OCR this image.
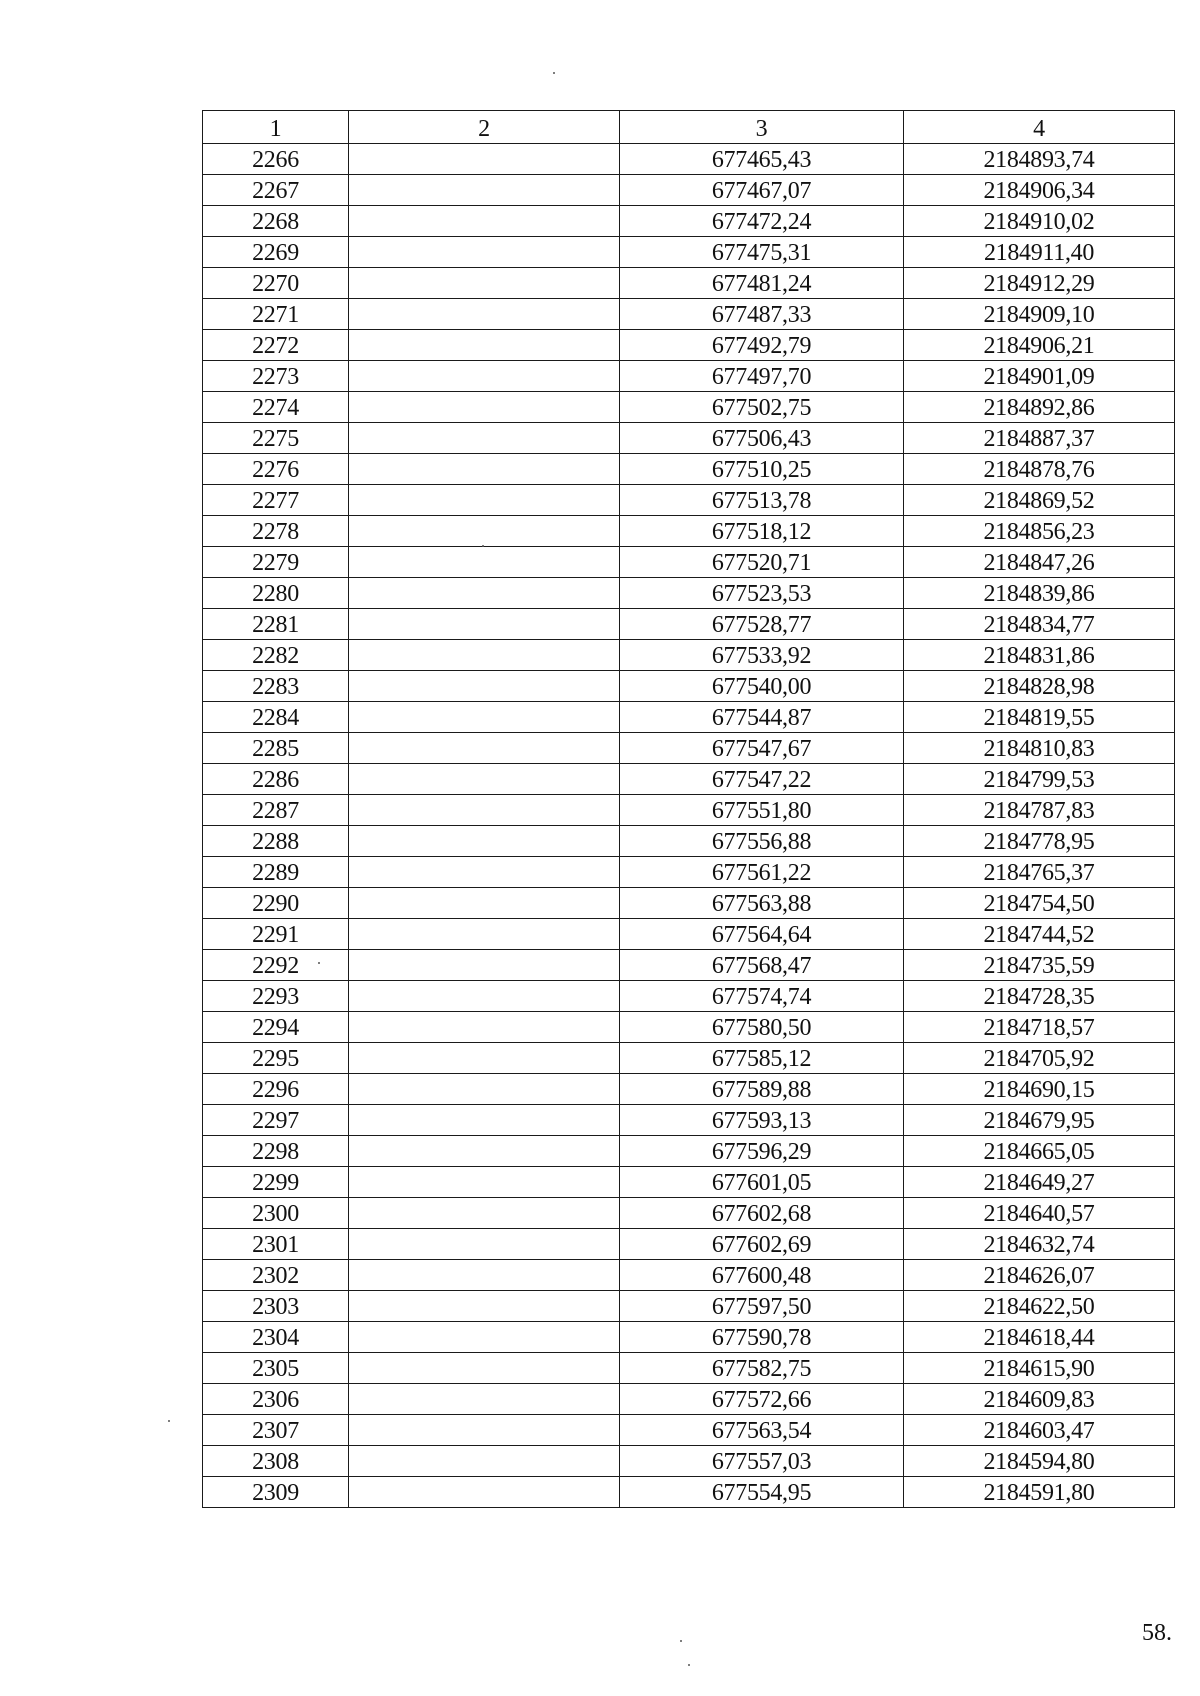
1	2	3	4
2266		677465,43	2184893,74
2267		677467,07	2184906,34
2268		677472,24	2184910,02
2269		677475,31	2184911,40
2270		677481,24	2184912,29
2271		677487,33	2184909,10
2272		677492,79	2184906,21
2273		677497,70	2184901,09
2274		677502,75	2184892,86
2275		677506,43	2184887,37
2276		677510,25	2184878,76
2277		677513,78	2184869,52
2278		677518,12	2184856,23
2279		677520,71	2184847,26
2280		677523,53	2184839,86
2281		677528,77	2184834,77
2282		677533,92	2184831,86
2283		677540,00	2184828,98
2284		677544,87	2184819,55
2285		677547,67	2184810,83
2286		677547,22	2184799,53
2287		677551,80	2184787,83
2288		677556,88	2184778,95
2289		677561,22	2184765,37
2290		677563,88	2184754,50
2291		677564,64	2184744,52
2292		677568,47	2184735,59
2293		677574,74	2184728,35
2294		677580,50	2184718,57
2295		677585,12	2184705,92
2296		677589,88	2184690,15
2297		677593,13	2184679,95
2298		677596,29	2184665,05
2299		677601,05	2184649,27
2300		677602,68	2184640,57
2301		677602,69	2184632,74
2302		677600,48	2184626,07
2303		677597,50	2184622,50
2304		677590,78	2184618,44
2305		677582,75	2184615,90
2306		677572,66	2184609,83
2307		677563,54	2184603,47
2308		677557,03	2184594,80
2309		677554,95	2184591,80
58.
